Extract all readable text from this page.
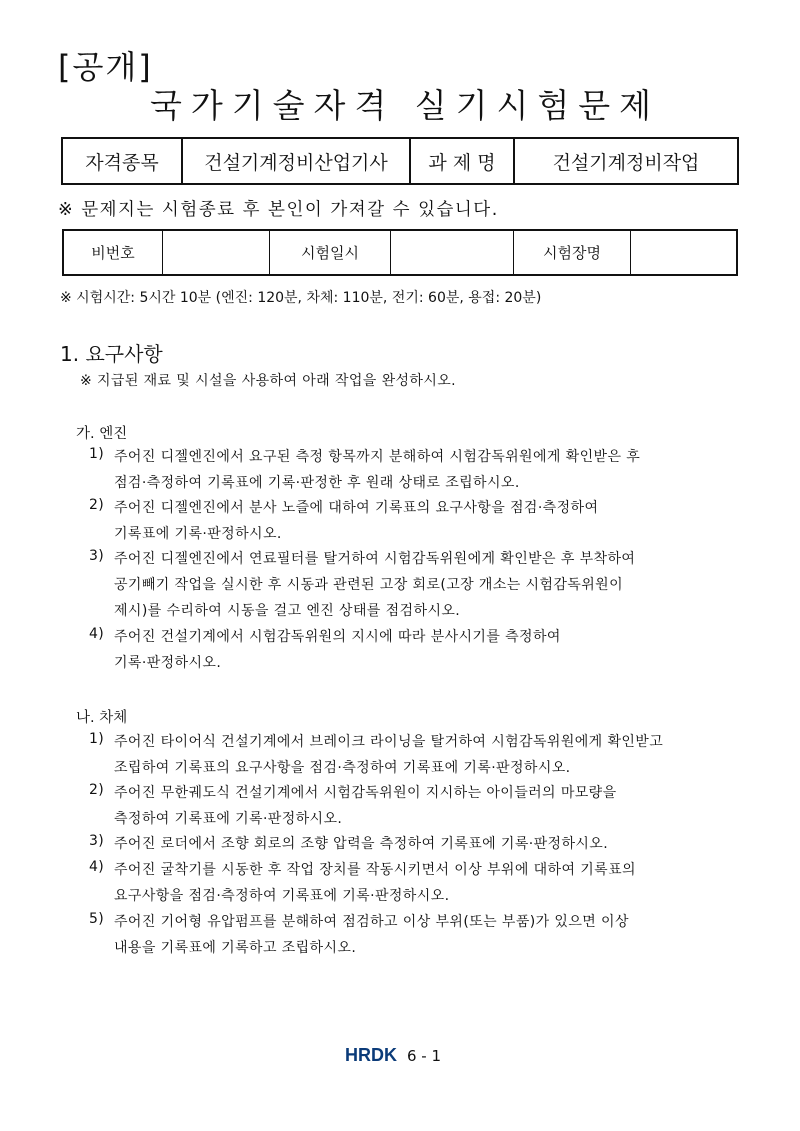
[공개]
국가기술자격 실기시험문제
자격종목	건설기계정비산업기사	과 제 명	건설기계정비작업
※ 문제지는 시험종료 후 본인이 가져갈 수 있습니다.
비번호		시험일시		시험장명	
※ 시험시간: 5시간 10분 (엔진: 120분, 차체: 110분, 전기: 60분, 용접: 20분)
1. 요구사항
※ 지급된 재료 및 시설을 사용하여 아래 작업을 완성하시오.
가. 엔진
1) 주어진 디젤엔진에서 요구된 측정 항목까지 분해하여 시험감독위원에게 확인받은 후
점검·측정하여 기록표에 기록·판정한 후 원래 상태로 조립하시오.
2) 주어진 디젤엔진에서 분사 노즐에 대하여 기록표의 요구사항을 점검·측정하여
기록표에 기록·판정하시오.
3) 주어진 디젤엔진에서 연료필터를 탈거하여 시험감독위원에게 확인받은 후 부착하여
공기빼기 작업을 실시한 후 시동과 관련된 고장 회로(고장 개소는 시험감독위원이
제시)를 수리하여 시동을 걸고 엔진 상태를 점검하시오.
4) 주어진 건설기계에서 시험감독위원의 지시에 따라 분사시기를 측정하여
기록·판정하시오.
나. 차체
1) 주어진 타이어식 건설기계에서 브레이크 라이닝을 탈거하여 시험감독위원에게 확인받고
조립하여 기록표의 요구사항을 점검·측정하여 기록표에 기록·판정하시오.
2) 주어진 무한궤도식 건설기계에서 시험감독위원이 지시하는 아이들러의 마모량을
측정하여 기록표에 기록·판정하시오.
3) 주어진 로더에서 조향 회로의 조향 압력을 측정하여 기록표에 기록·판정하시오.
4) 주어진 굴착기를 시동한 후 작업 장치를 작동시키면서 이상 부위에 대하여 기록표의
요구사항을 점검·측정하여 기록표에 기록·판정하시오.
5) 주어진 기어형 유압펌프를 분해하여 점검하고 이상 부위(또는 부품)가 있으면 이상
내용을 기록표에 기록하고 조립하시오.
HRDK 6 - 1
